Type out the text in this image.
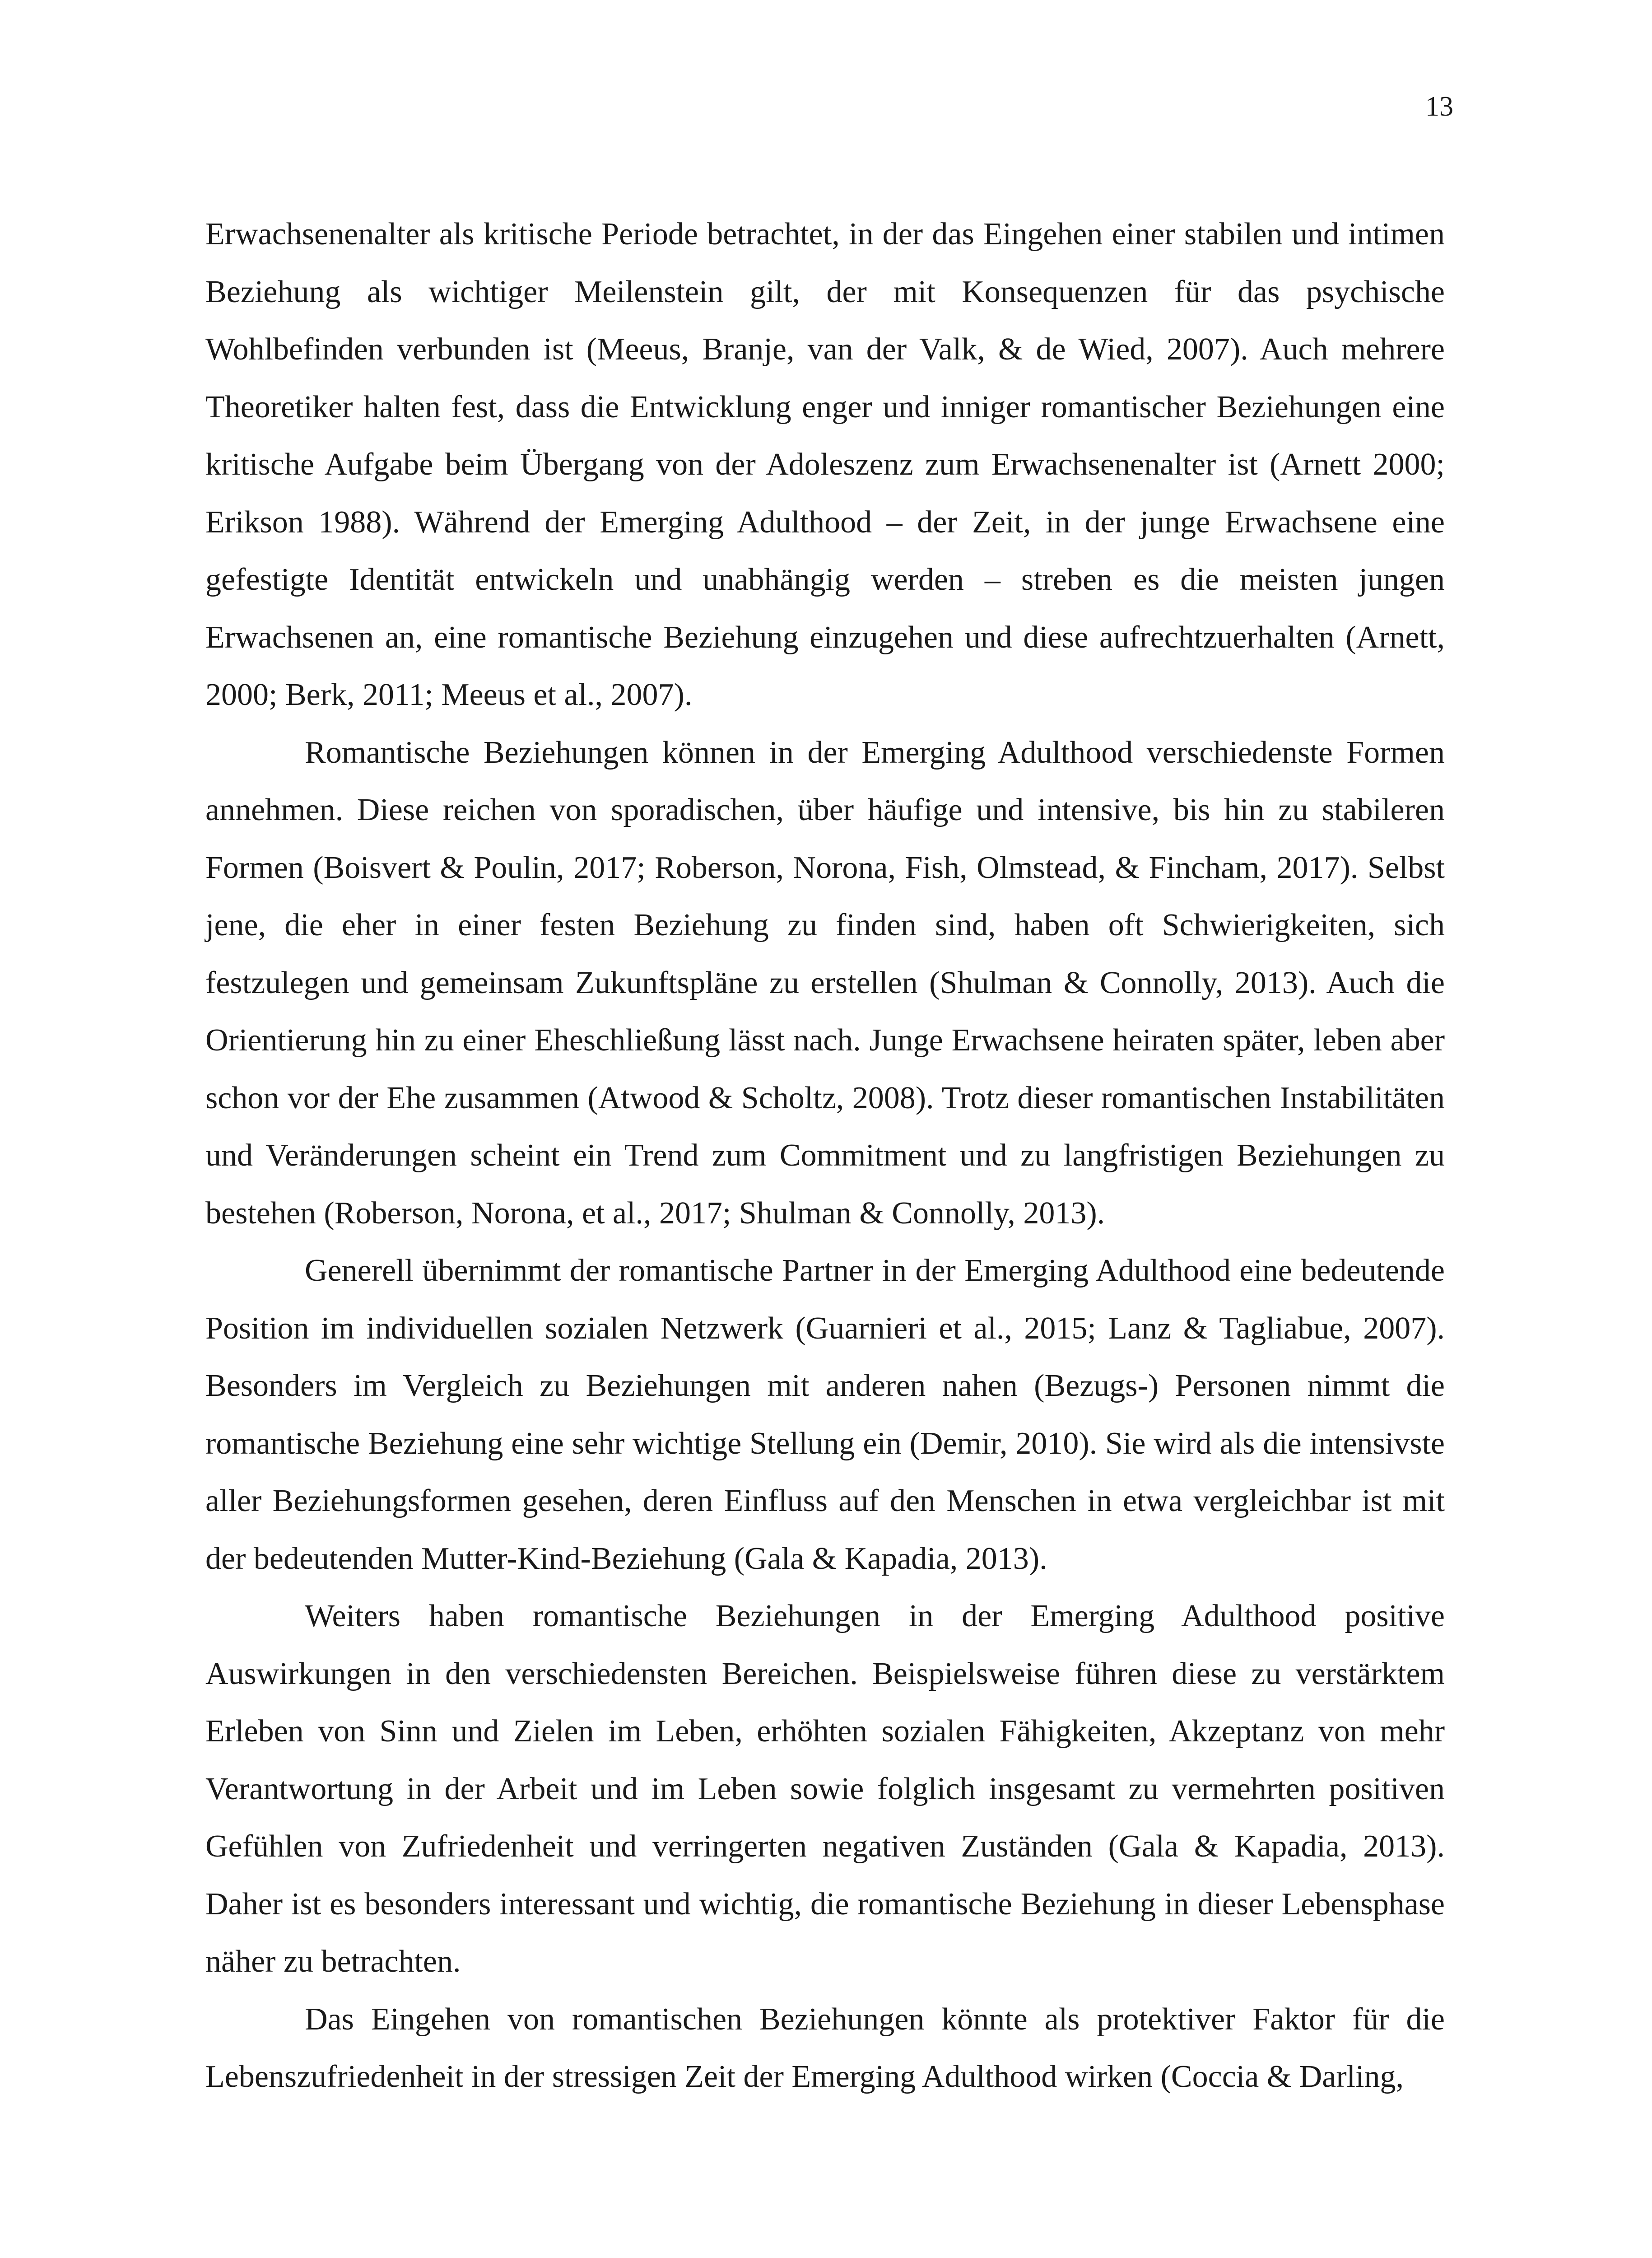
13

Erwachsenenalter als kritische Periode betrachtet, in der das Eingehen einer stabilen und intimen Beziehung als wichtiger Meilenstein gilt, der mit Konsequenzen für das psychische Wohlbefinden verbunden ist (Meeus, Branje, van der Valk, & de Wied, 2007). Auch mehrere Theoretiker halten fest, dass die Entwicklung enger und inniger romantischer Beziehungen eine kritische Aufgabe beim Übergang von der Adoleszenz zum Erwachsenenalter ist (Arnett 2000; Erikson 1988). Während der Emerging Adulthood – der Zeit, in der junge Erwachsene eine gefestigte Identität entwickeln und unabhängig werden – streben es die meisten jungen Erwachsenen an, eine romantische Beziehung einzugehen und diese aufrechtzuerhalten (Arnett, 2000; Berk, 2011; Meeus et al., 2007).

Romantische Beziehungen können in der Emerging Adulthood verschiedenste Formen annehmen. Diese reichen von sporadischen, über häufige und intensive, bis hin zu stabileren Formen (Boisvert & Poulin, 2017; Roberson, Norona, Fish, Olmstead, & Fincham, 2017). Selbst jene, die eher in einer festen Beziehung zu finden sind, haben oft Schwierigkeiten, sich festzulegen und gemeinsam Zukunftspläne zu erstellen (Shulman & Connolly, 2013). Auch die Orientierung hin zu einer Eheschließung lässt nach. Junge Erwachsene heiraten später, leben aber schon vor der Ehe zusammen (Atwood & Scholtz, 2008). Trotz dieser romantischen Instabilitäten und Veränderungen scheint ein Trend zum Commitment und zu langfristigen Beziehungen zu bestehen (Roberson, Norona, et al., 2017; Shulman & Connolly, 2013).

Generell übernimmt der romantische Partner in der Emerging Adulthood eine bedeutende Position im individuellen sozialen Netzwerk (Guarnieri et al., 2015; Lanz & Tagliabue, 2007). Besonders im Vergleich zu Beziehungen mit anderen nahen (Bezugs-) Personen nimmt die romantische Beziehung eine sehr wichtige Stellung ein (Demir, 2010). Sie wird als die intensivste aller Beziehungsformen gesehen, deren Einfluss auf den Menschen in etwa vergleichbar ist mit der bedeutenden Mutter-Kind-Beziehung (Gala & Kapadia, 2013).

Weiters haben romantische Beziehungen in der Emerging Adulthood positive Auswirkungen in den verschiedensten Bereichen. Beispielsweise führen diese zu verstärktem Erleben von Sinn und Zielen im Leben, erhöhten sozialen Fähigkeiten, Akzeptanz von mehr Verantwortung in der Arbeit und im Leben sowie folglich insgesamt zu vermehrten positiven Gefühlen von Zufriedenheit und verringerten negativen Zuständen (Gala & Kapadia, 2013). Daher ist es besonders interessant und wichtig, die romantische Beziehung in dieser Lebensphase näher zu betrachten.

Das Eingehen von romantischen Beziehungen könnte als protektiver Faktor für die Lebenszufriedenheit in der stressigen Zeit der Emerging Adulthood wirken (Coccia & Darling,
